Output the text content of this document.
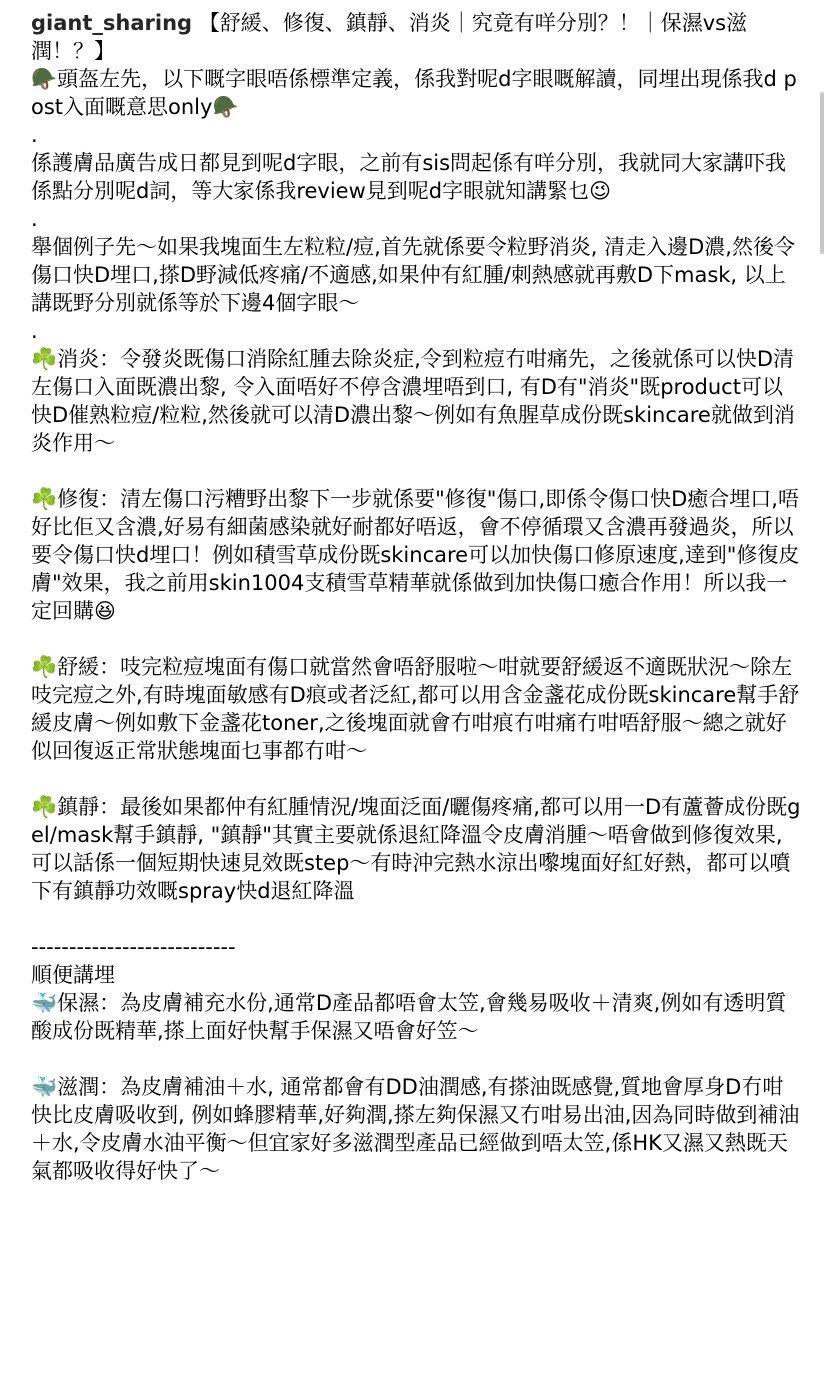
giant_sharing 【舒緩、修復、鎮靜、消炎｜究竟有咩分別？！｜保濕vs滋潤！？】
🪖頭盔左先，以下嘅字眼唔係標準定義，係我對呢d字眼嘅解讀，同埋出現係我d post入面嘅意思only🪖
.
係護膚品廣告成日都見到呢d字眼，之前有sis問起係有咩分別，我就同大家講吓我係點分別呢d詞，等大家係我review見到呢d字眼就知講緊乜😉
.
舉個例子先～如果我塊面生左粒粒/痘,首先就係要令粒野消炎, 清走入邊D濃,然後令傷口快D埋口,搽D野減低疼痛/不適感,如果仲有紅腫/刺熱感就再敷D下mask, 以上講既野分別就係等於下邊4個字眼～
.
☘️消炎：令發炎既傷口消除紅腫去除炎症,令到粒痘冇咁痛先，之後就係可以快D清左傷口入面既濃出黎, 令入面唔好不停含濃埋唔到口, 有D有"消炎"既product可以快D催熟粒痘/粒粒,然後就可以清D濃出黎～例如有魚腥草成份既skincare就做到消炎作用～
☘️修復：清左傷口污糟野出黎下一步就係要"修復"傷口,即係令傷口快D癒合埋口,唔好比佢又含濃,好易有細菌感染就好耐都好唔返，會不停循環又含濃再發過炎，所以要令傷口快d埋口！例如積雪草成份既skincare可以加快傷口修原速度,達到"修復皮膚"效果，我之前用skin1004支積雪草精華就係做到加快傷口癒合作用！所以我一定回購😆
☘️舒緩：吱完粒痘塊面有傷口就當然會唔舒服啦～咁就要舒緩返不適既狀況～除左吱完痘之外,有時塊面敏感有D痕或者泛紅,都可以用含金盞花成份既skincare幫手舒緩皮膚～例如敷下金盞花toner,之後塊面就會冇咁痕冇咁痛冇咁唔舒服～總之就好似回復返正常狀態塊面乜事都冇咁～
☘️鎮靜：最後如果都仲有紅腫情況/塊面泛面/曬傷疼痛,都可以用一D有蘆薈成份既gel/mask幫手鎮靜, "鎮靜"其實主要就係退紅降溫令皮膚消腫～唔會做到修復效果,可以話係一個短期快速見效既step～有時沖完熱水涼出嚟塊面好紅好熱，都可以噴下有鎮靜功效嘅spray快d退紅降溫
---------------------------
順便講埋
🐳保濕：為皮膚補充水份,通常D產品都唔會太笠,會幾易吸收＋清爽,例如有透明質酸成份既精華,搽上面好快幫手保濕又唔會好笠～
🐳滋潤：為皮膚補油＋水, 通常都會有DD油潤感,有搽油既感覺,質地會厚身D冇咁快比皮膚吸收到, 例如蜂膠精華,好夠潤,搽左夠保濕又冇咁易出油,因為同時做到補油＋水,令皮膚水油平衡～但宜家好多滋潤型產品已經做到唔太笠,係HK又濕又熱既天氣都吸收得好快了～
